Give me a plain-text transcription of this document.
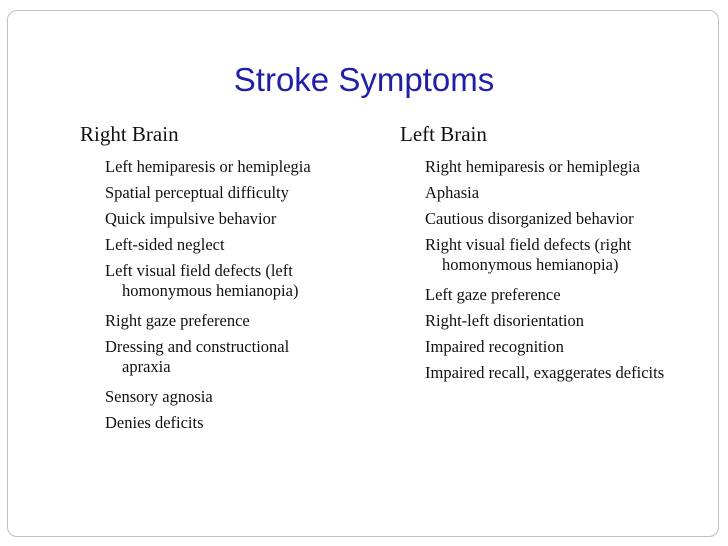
Stroke Symptoms
Right Brain
Left hemiparesis or hemiplegia
Spatial perceptual difficulty
Quick impulsive behavior
Left-sided neglect
Left visual field defects (left homonymous hemianopia)
Right gaze preference
Dressing and constructional apraxia
Sensory agnosia
Denies deficits
Left Brain
Right hemiparesis or hemiplegia
Aphasia
Cautious disorganized behavior
Right visual field defects (right homonymous hemianopia)
Left gaze preference
Right-left disorientation
Impaired recognition
Impaired recall, exaggerates deficits
